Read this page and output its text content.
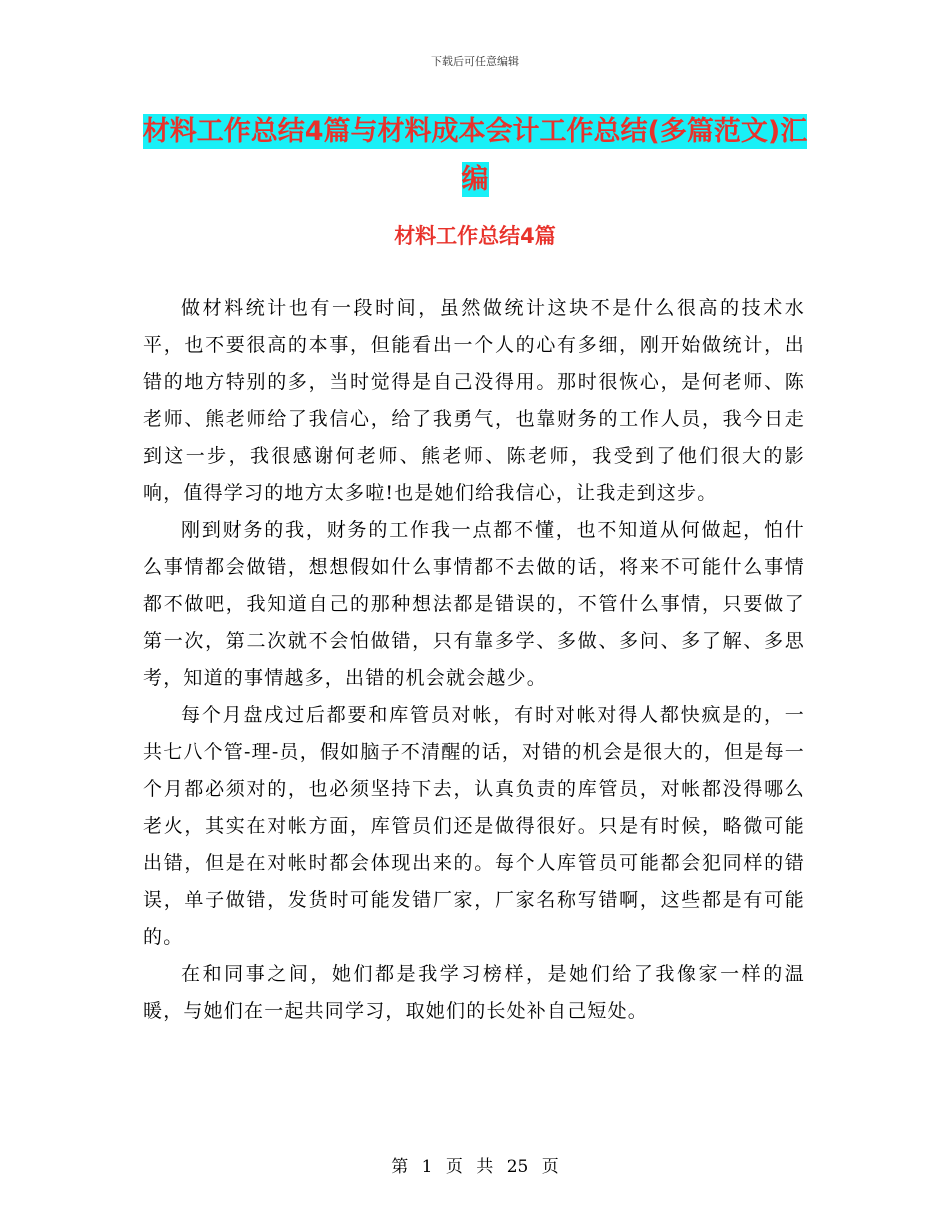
下载后可任意编辑
材料工作总结4篇与材料成本会计工作总结(多篇范文)汇编
材料工作总结4篇

做材料统计也有一段时间，虽然做统计这块不是什么很高的技术水平，也不要很高的本事，但能看出一个人的心有多细，刚开始做统计，出错的地方特别的多，当时觉得是自己没得用。那时很恢心，是何老师、陈老师、熊老师给了我信心，给了我勇气，也靠财务的工作人员，我今日走到这一步，我很感谢何老师、熊老师、陈老师，我受到了他们很大的影响，值得学习的地方太多啦!也是她们给我信心，让我走到这步。

刚到财务的我，财务的工作我一点都不懂，也不知道从何做起，怕什么事情都会做错，想想假如什么事情都不去做的话，将来不可能什么事情都不做吧，我知道自己的那种想法都是错误的，不管什么事情，只要做了第一次，第二次就不会怕做错，只有靠多学、多做、多问、多了解、多思考，知道的事情越多，出错的机会就会越少。

每个月盘戌过后都要和库管员对帐，有时对帐对得人都快疯是的，一共七八个管-理-员，假如脑子不清醒的话，对错的机会是很大的，但是每一个月都必须对的，也必须坚持下去，认真负责的库管员，对帐都没得哪么老火，其实在对帐方面，库管员们还是做得很好。只是有时候，略微可能出错，但是在对帐时都会体现出来的。每个人库管员可能都会犯同样的错误，单子做错，发货时可能发错厂家，厂家名称写错啊，这些都是有可能的。

在和同事之间，她们都是我学习榜样，是她们给了我像家一样的温暖，与她们在一起共同学习，取她们的长处补自己短处。

第 1 页 共 25 页
